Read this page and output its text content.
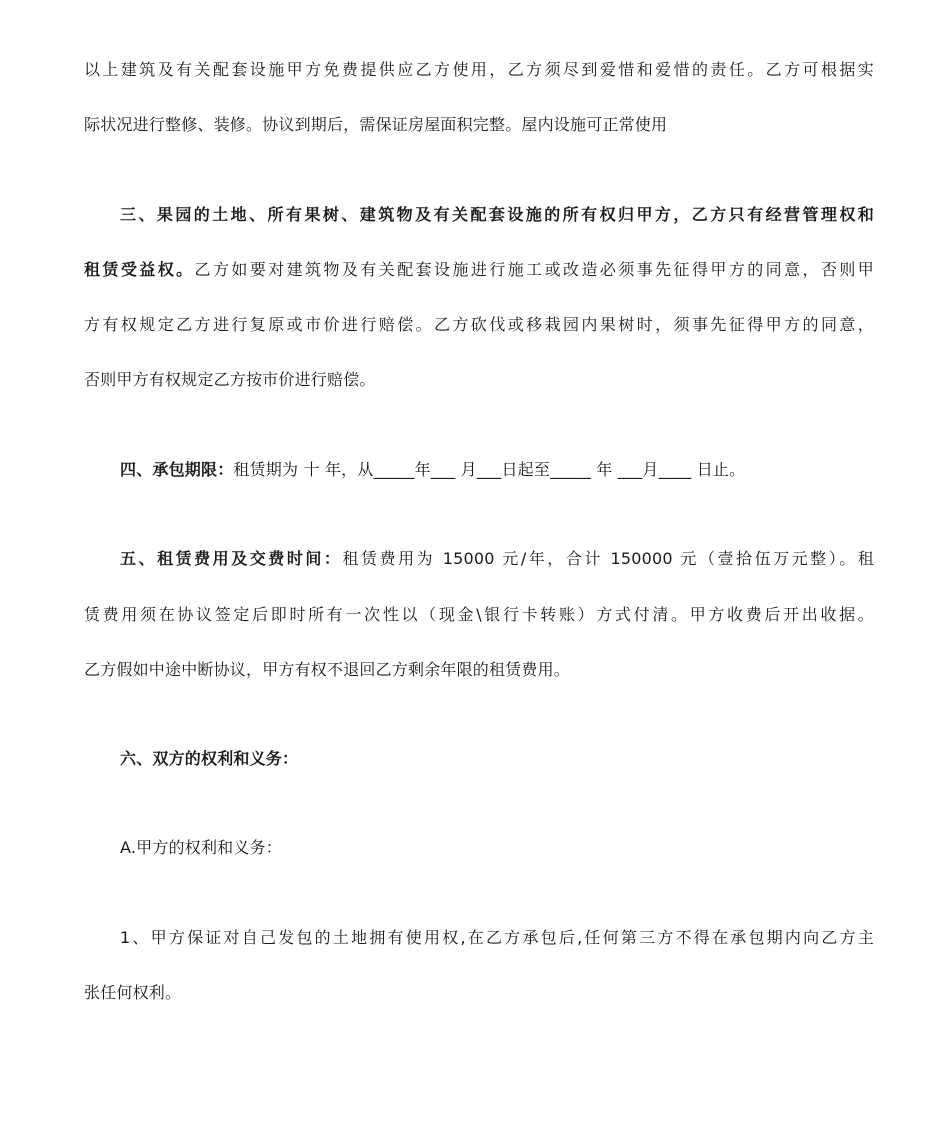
以上建筑及有关配套设施甲方免费提供应乙方使用，乙方须尽到爱惜和爱惜的责任。乙方可根据实
际状况进行整修、装修。协议到期后，需保证房屋面积完整。屋内设施可正常使用
三、果园的土地、所有果树、建筑物及有关配套设施的所有权归甲方，乙方只有经营管理权和
租赁受益权。乙方如要对建筑物及有关配套设施进行施工或改造必须事先征得甲方的同意，否则甲
方有权规定乙方进行复原或市价进行赔偿。乙方砍伐或移栽园内果树时，须事先征得甲方的同意，
否则甲方有权规定乙方按市价进行赔偿。
四、承包期限：租赁期为 十 年，从_____年___ 月___日起至_____ 年 ___月____ 日止。
五、租赁费用及交费时间：租赁费用为 15000 元/年，合计 150000 元（壹拾伍万元整）。租
赁费用须在协议签定后即时所有一次性以（现金\银行卡转账）方式付清。甲方收费后开出收据。
乙方假如中途中断协议，甲方有权不退回乙方剩余年限的租赁费用。
六、双方的权利和义务：
A.甲方的权利和义务：
1、甲方保证对自己发包的土地拥有使用权,在乙方承包后,任何第三方不得在承包期内向乙方主
张任何权利。
